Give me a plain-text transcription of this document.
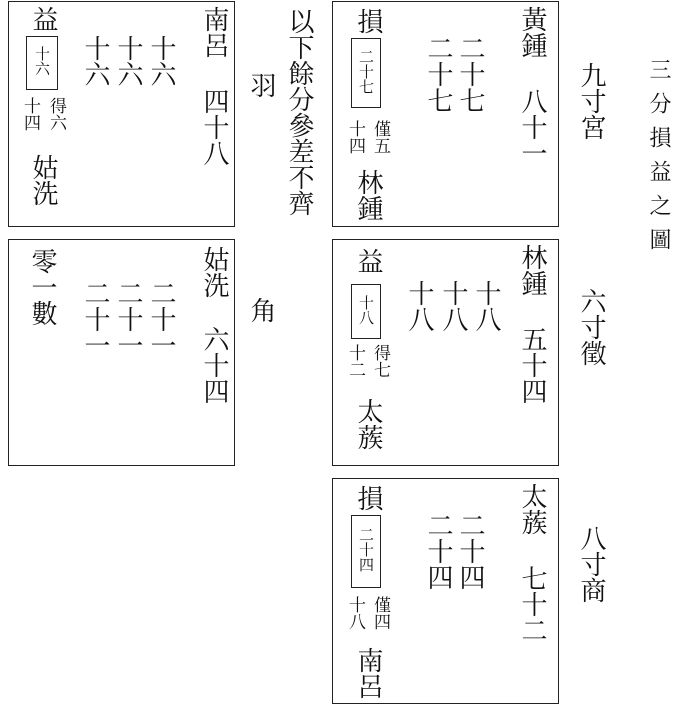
三分損益之圖
九寸宮
六寸徵
八寸商
羽
角
以下餘分參差不齊	黃鍾
八十一
二十七
二十七
損
二十七
僅五
十四
林鍾
林鍾
五十四
十八
十八
十八
益
十八
得七
十二
太蔟
太蔟
七十二
二十四
二十四
損
二十四
僅四
十八
南呂
南呂
四十八
十六
十六
十六
益
十六
得六
十四
姑洗
姑洗
六十四
二十一
二十一
二十一
零一數
